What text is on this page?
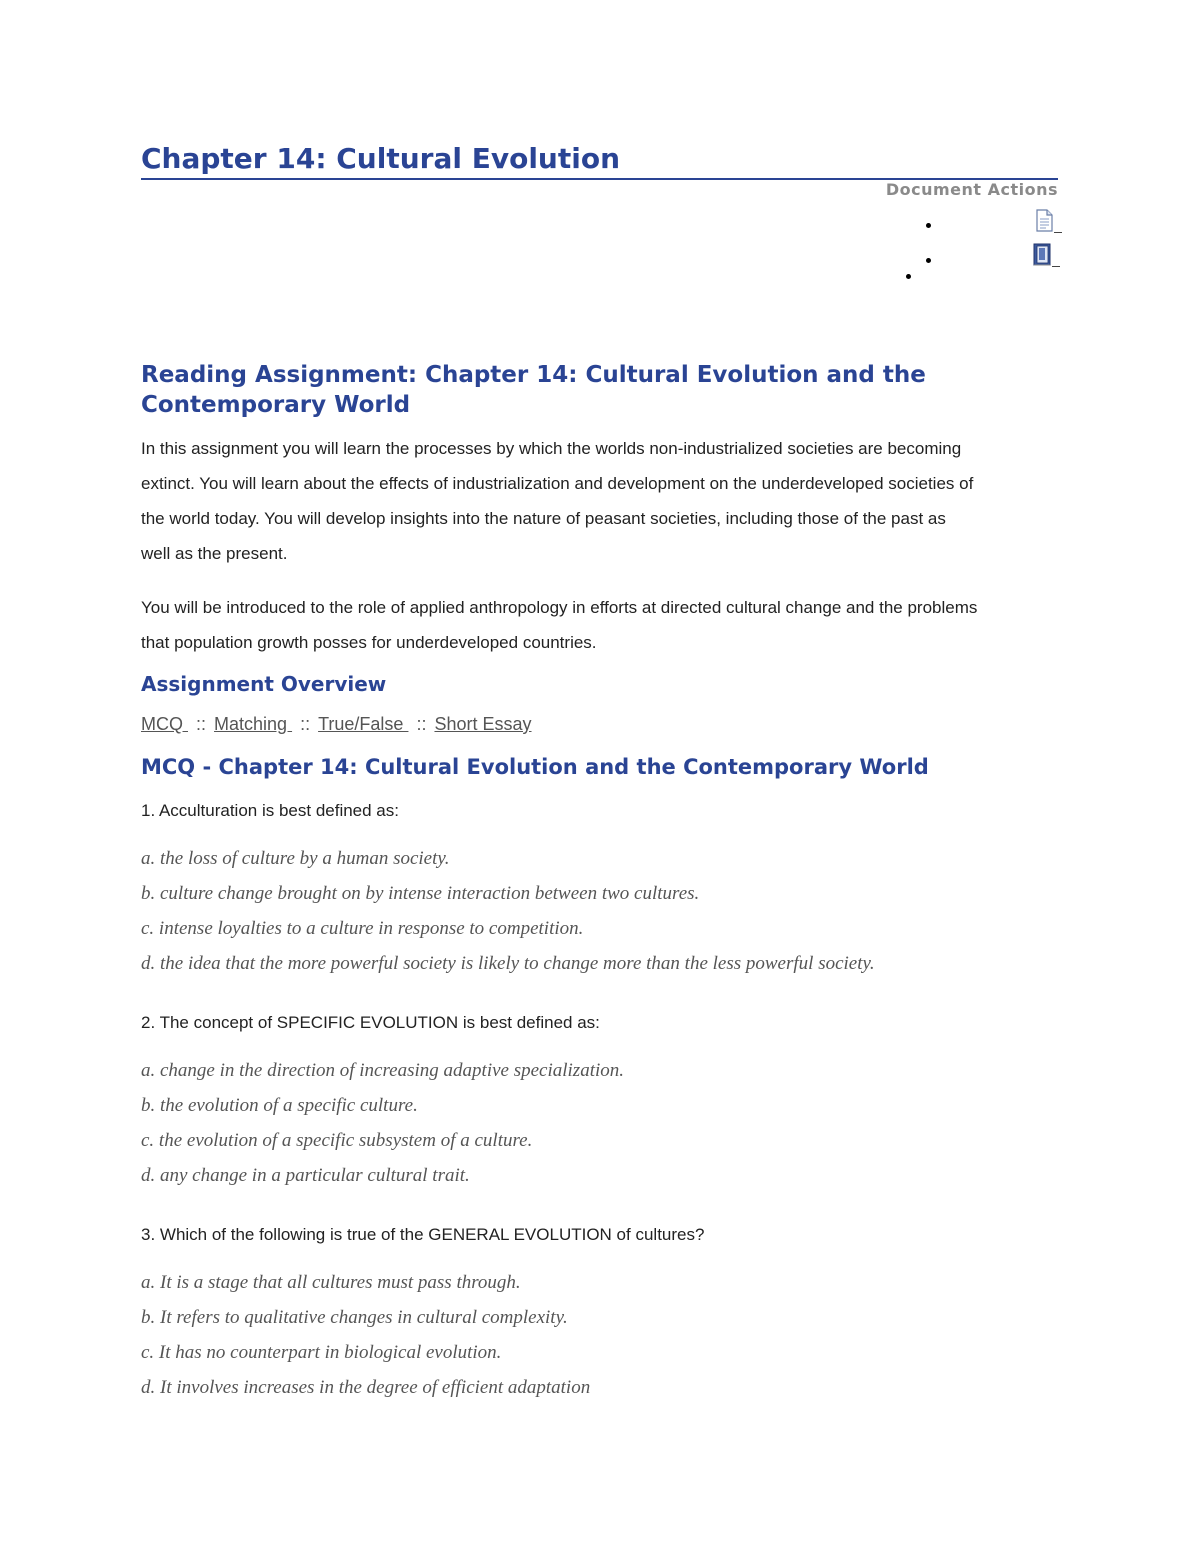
Chapter 14: Cultural Evolution
Document Actions
Reading Assignment: Chapter 14: Cultural Evolution and the
Contemporary World

In this assignment you will learn the processes by which the worlds non-industrialized societies are becoming
extinct. You will learn about the effects of industrialization and development on the underdeveloped societies of
the world today. You will develop insights into the nature of peasant societies, including those of the past as
well as the present.

You will be introduced to the role of applied anthropology in efforts at directed cultural change and the problems
that population growth posses for underdeveloped countries.

Assignment Overview
MCQ :: Matching :: True/False :: Short Essay
MCQ - Chapter 14: Cultural Evolution and the Contemporary World

1. Acculturation is best defined as:

a. the loss of culture by a human society.

b. culture change brought on by intense interaction between two cultures.

c. intense loyalties to a culture in response to competition.

d. the idea that the more powerful society is likely to change more than the less powerful society.

2. The concept of SPECIFIC EVOLUTION is best defined as:

a. change in the direction of increasing adaptive specialization.

b. the evolution of a specific culture.

c. the evolution of a specific subsystem of a culture.

d. any change in a particular cultural trait.

3. Which of the following is true of the GENERAL EVOLUTION of cultures?

a. It is a stage that all cultures must pass through.

b. It refers to qualitative changes in cultural complexity.

c. It has no counterpart in biological evolution.

d. It involves increases in the degree of efficient adaptation
